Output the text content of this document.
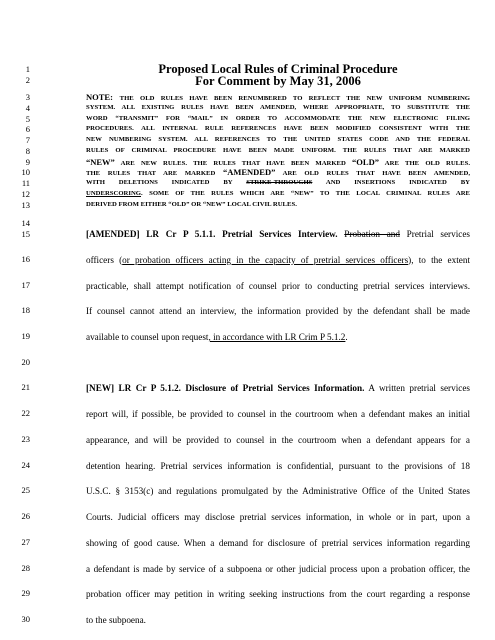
1
2
3
4
5
6
7
8
9
10
11
12
13
14
15
16
17
18
19
20
21
22
23
24
25
26
27
28
29
30
Proposed Local Rules of Criminal Procedure
For Comment by May 31, 2006
NOTE: THE OLD RULES HAVE BEEN RENUMBERED TO REFLECT THE NEW UNIFORM NUMBERING
SYSTEM. ALL EXISTING RULES HAVE BEEN AMENDED, WHERE APPROPRIATE, TO SUBSTITUTE THE
WORD “TRANSMIT” FOR “MAIL” IN ORDER TO ACCOMMODATE THE NEW ELECTRONIC FILING
PROCEDURES. ALL INTERNAL RULE REFERENCES HAVE BEEN MODIFIED CONSISTENT WITH THE
NEW NUMBERING SYSTEM. ALL REFERENCES TO THE UNITED STATES CODE AND THE FEDERAL
RULES OF CRIMINAL PROCEDURE HAVE BEEN MADE UNIFORM. THE RULES THAT ARE MARKED
“NEW” ARE NEW RULES. THE RULES THAT HAVE BEEN MARKED “OLD” ARE THE OLD RULES.
THE RULES THAT ARE MARKED “AMENDED” ARE OLD RULES THAT HAVE BEEN AMENDED,
WITH DELETIONS INDICATED BY STRIKE-THROUGHS AND INSERTIONS INDICATED BY
UNDERSCORING. SOME OF THE RULES WHICH ARE “NEW” TO THE LOCAL CRIMINAL RULES ARE
DERIVED FROM EITHER “OLD” OR “NEW” LOCAL CIVIL RULES.
[AMENDED] LR Cr P 5.1.1. Pretrial Services Interview. Probation and Pretrial services
officers (or probation officers acting in the capacity of pretrial services officers), to the extent
practicable, shall attempt notification of counsel prior to conducting pretrial services interviews.
If counsel cannot attend an interview, the information provided by the defendant shall be made
available to counsel upon request, in accordance with LR Crim P 5.1.2.
[NEW] LR Cr P 5.1.2. Disclosure of Pretrial Services Information. A written pretrial services
report will, if possible, be provided to counsel in the courtroom when a defendant makes an initial
appearance, and will be provided to counsel in the courtroom when a defendant appears for a
detention hearing. Pretrial services information is confidential, pursuant to the provisions of 18
U.S.C. § 3153(c) and regulations promulgated by the Administrative Office of the United States
Courts. Judicial officers may disclose pretrial services information, in whole or in part, upon a
showing of good cause. When a demand for disclosure of pretrial services information regarding
a defendant is made by service of a subpoena or other judicial process upon a probation officer, the
probation officer may petition in writing seeking instructions from the court regarding a response
to the subpoena.
